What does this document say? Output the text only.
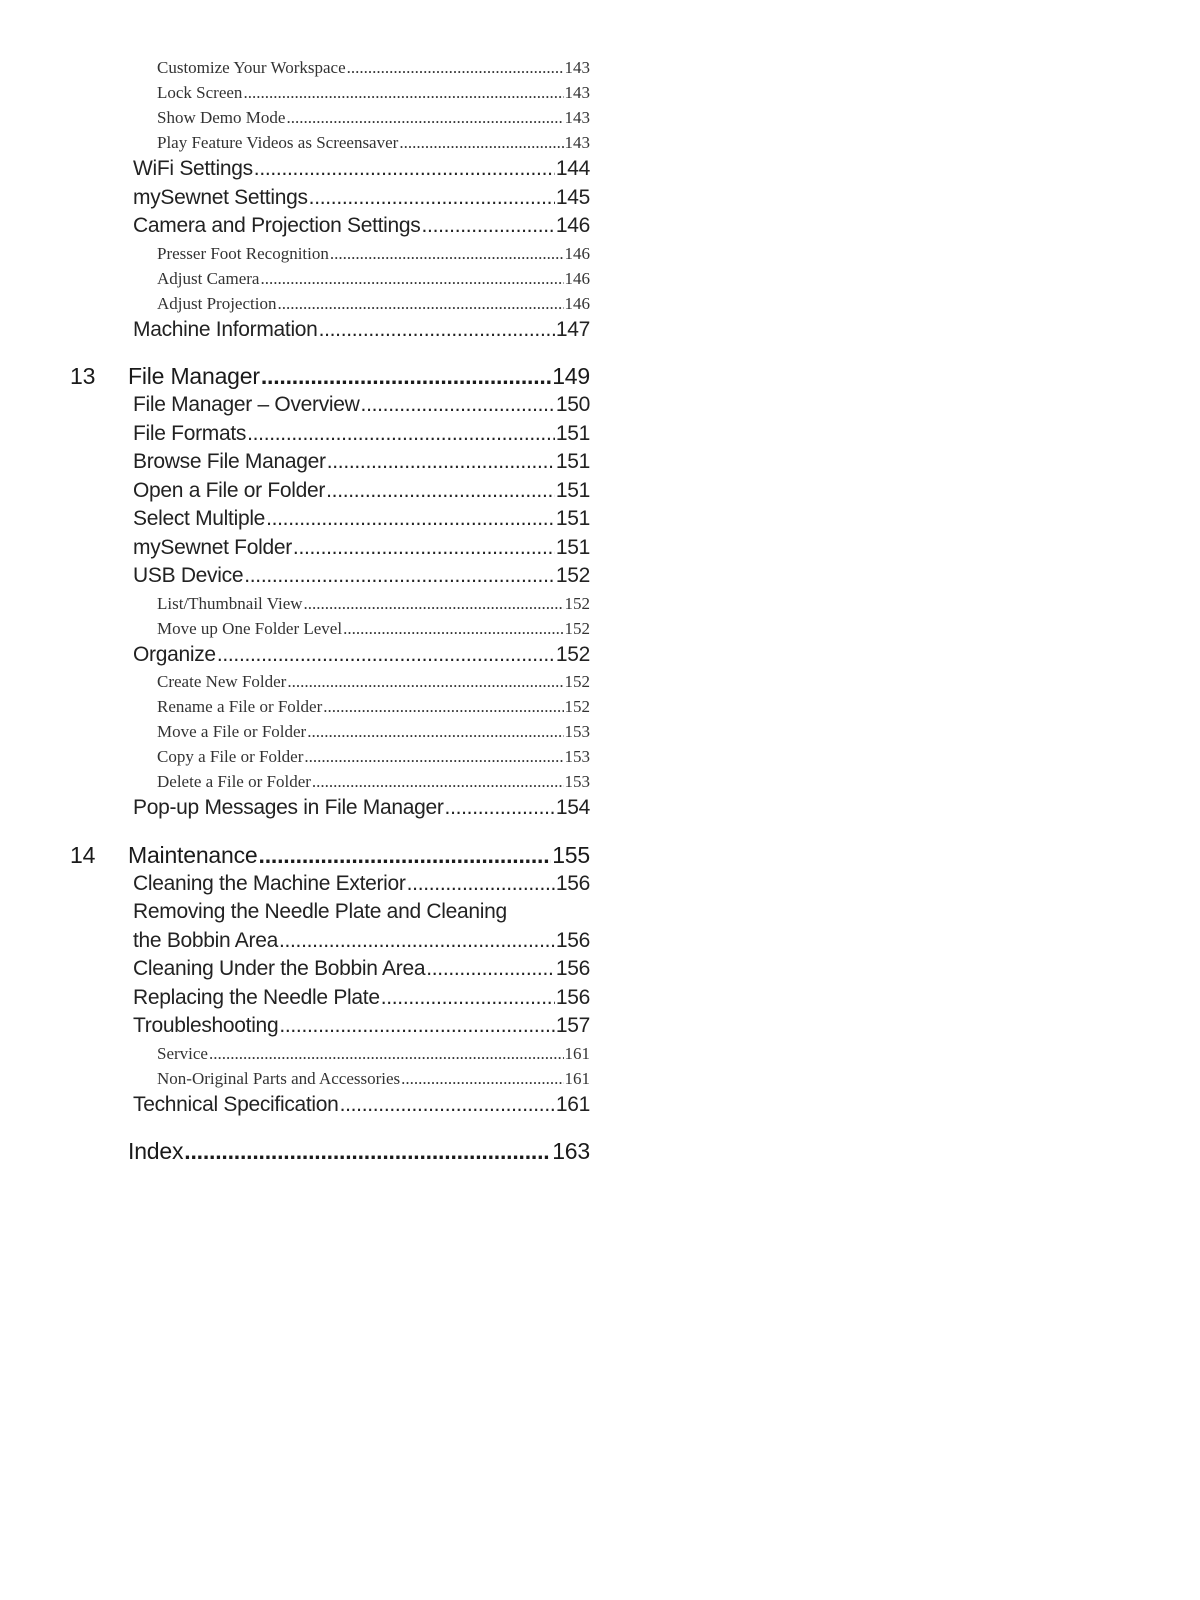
Customize Your Workspace .....	143
Lock Screen .....	143
Show Demo Mode .....	143
Play Feature Videos as Screensaver .....	143
WiFi Settings .....	144
mySewnet Settings .....	145
Camera and Projection Settings .....	146
Presser Foot Recognition .....	146
Adjust Camera .....	146
Adjust Projection .....	146
Machine Information .....	147
13	File Manager .....	149
File Manager – Overview .....	150
File Formats .....	151
Browse File Manager .....	151
Open a File or Folder .....	151
Select Multiple .....	151
mySewnet Folder .....	151
USB Device .....	152
List/Thumbnail View .....	152
Move up One Folder Level .....	152
Organize .....	152
Create New Folder .....	152
Rename a File or Folder .....	152
Move a File or Folder .....	153
Copy a File or Folder .....	153
Delete a File or Folder .....	153
Pop-up Messages in File Manager .....	154
14	Maintenance .....	155
Cleaning the Machine Exterior .....	156
Removing the Needle Plate and Cleaning
the Bobbin Area .....	156
Cleaning Under the Bobbin Area .....	156
Replacing the Needle Plate .....	156
Troubleshooting .....	157
Service .....	161
Non-Original Parts and Accessories .....	161
Technical Specification .....	161
Index .....	163
